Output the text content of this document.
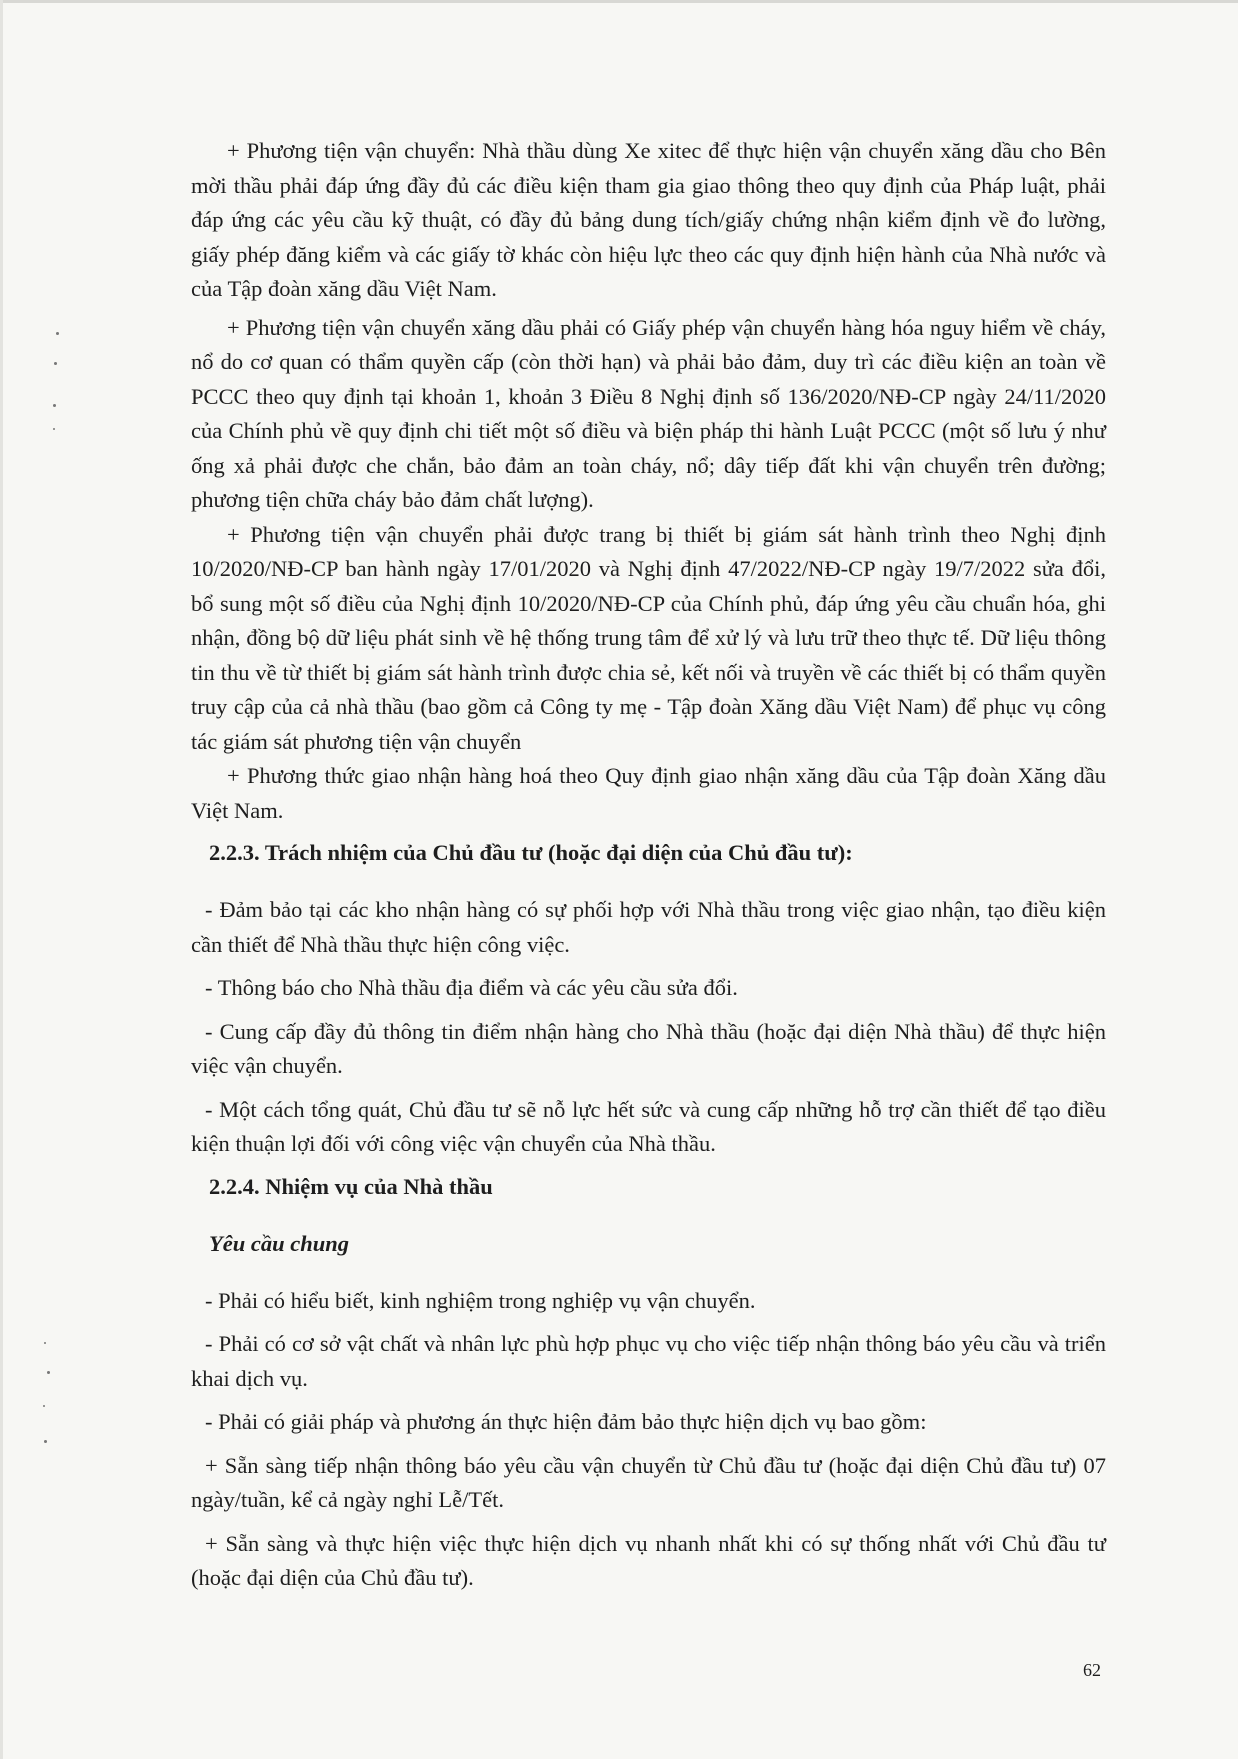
+ Phương tiện vận chuyển: Nhà thầu dùng Xe xitec để thực hiện vận chuyển xăng dầu cho Bên mời thầu phải đáp ứng đầy đủ các điều kiện tham gia giao thông theo quy định của Pháp luật, phải đáp ứng các yêu cầu kỹ thuật, có đầy đủ bảng dung tích/giấy chứng nhận kiểm định về đo lường, giấy phép đăng kiểm và các giấy tờ khác còn hiệu lực theo các quy định hiện hành của Nhà nước và của Tập đoàn xăng dầu Việt Nam.

+ Phương tiện vận chuyển xăng dầu phải có Giấy phép vận chuyển hàng hóa nguy hiểm về cháy, nổ do cơ quan có thẩm quyền cấp (còn thời hạn) và phải bảo đảm, duy trì các điều kiện an toàn về PCCC theo quy định tại khoản 1, khoản 3 Điều 8 Nghị định số 136/2020/NĐ-CP ngày 24/11/2020 của Chính phủ về quy định chi tiết một số điều và biện pháp thi hành Luật PCCC (một số lưu ý như ống xả phải được che chắn, bảo đảm an toàn cháy, nổ; dây tiếp đất khi vận chuyển trên đường; phương tiện chữa cháy bảo đảm chất lượng).

+ Phương tiện vận chuyển phải được trang bị thiết bị giám sát hành trình theo Nghị định 10/2020/NĐ-CP ban hành ngày 17/01/2020 và Nghị định 47/2022/NĐ-CP ngày 19/7/2022 sửa đổi, bổ sung một số điều của Nghị định 10/2020/NĐ-CP của Chính phủ, đáp ứng yêu cầu chuẩn hóa, ghi nhận, đồng bộ dữ liệu phát sinh về hệ thống trung tâm để xử lý và lưu trữ theo thực tế. Dữ liệu thông tin thu về từ thiết bị giám sát hành trình được chia sẻ, kết nối và truyền về các thiết bị có thẩm quyền truy cập của cả nhà thầu (bao gồm cả Công ty mẹ - Tập đoàn Xăng dầu Việt Nam) để phục vụ công tác giám sát phương tiện vận chuyển

+ Phương thức giao nhận hàng hoá theo Quy định giao nhận xăng dầu của Tập đoàn Xăng dầu Việt Nam.

2.2.3. Trách nhiệm của Chủ đầu tư (hoặc đại diện của Chủ đầu tư):

- Đảm bảo tại các kho nhận hàng có sự phối hợp với Nhà thầu trong việc giao nhận, tạo điều kiện cần thiết để Nhà thầu thực hiện công việc.

- Thông báo cho Nhà thầu địa điểm và các yêu cầu sửa đổi.

- Cung cấp đầy đủ thông tin điểm nhận hàng cho Nhà thầu (hoặc đại diện Nhà thầu) để thực hiện việc vận chuyển.

- Một cách tổng quát, Chủ đầu tư sẽ nỗ lực hết sức và cung cấp những hỗ trợ cần thiết để tạo điều kiện thuận lợi đối với công việc vận chuyển của Nhà thầu.

2.2.4. Nhiệm vụ của Nhà thầu

Yêu cầu chung

- Phải có hiểu biết, kinh nghiệm trong nghiệp vụ vận chuyển.

- Phải có cơ sở vật chất và nhân lực phù hợp phục vụ cho việc tiếp nhận thông báo yêu cầu và triển khai dịch vụ.

- Phải có giải pháp và phương án thực hiện đảm bảo thực hiện dịch vụ bao gồm:

+ Sẵn sàng tiếp nhận thông báo yêu cầu vận chuyển từ Chủ đầu tư (hoặc đại diện Chủ đầu tư) 07 ngày/tuần, kể cả ngày nghỉ Lễ/Tết.

+ Sẵn sàng và thực hiện việc thực hiện dịch vụ nhanh nhất khi có sự thống nhất với Chủ đầu tư (hoặc đại diện của Chủ đầu tư).

62
